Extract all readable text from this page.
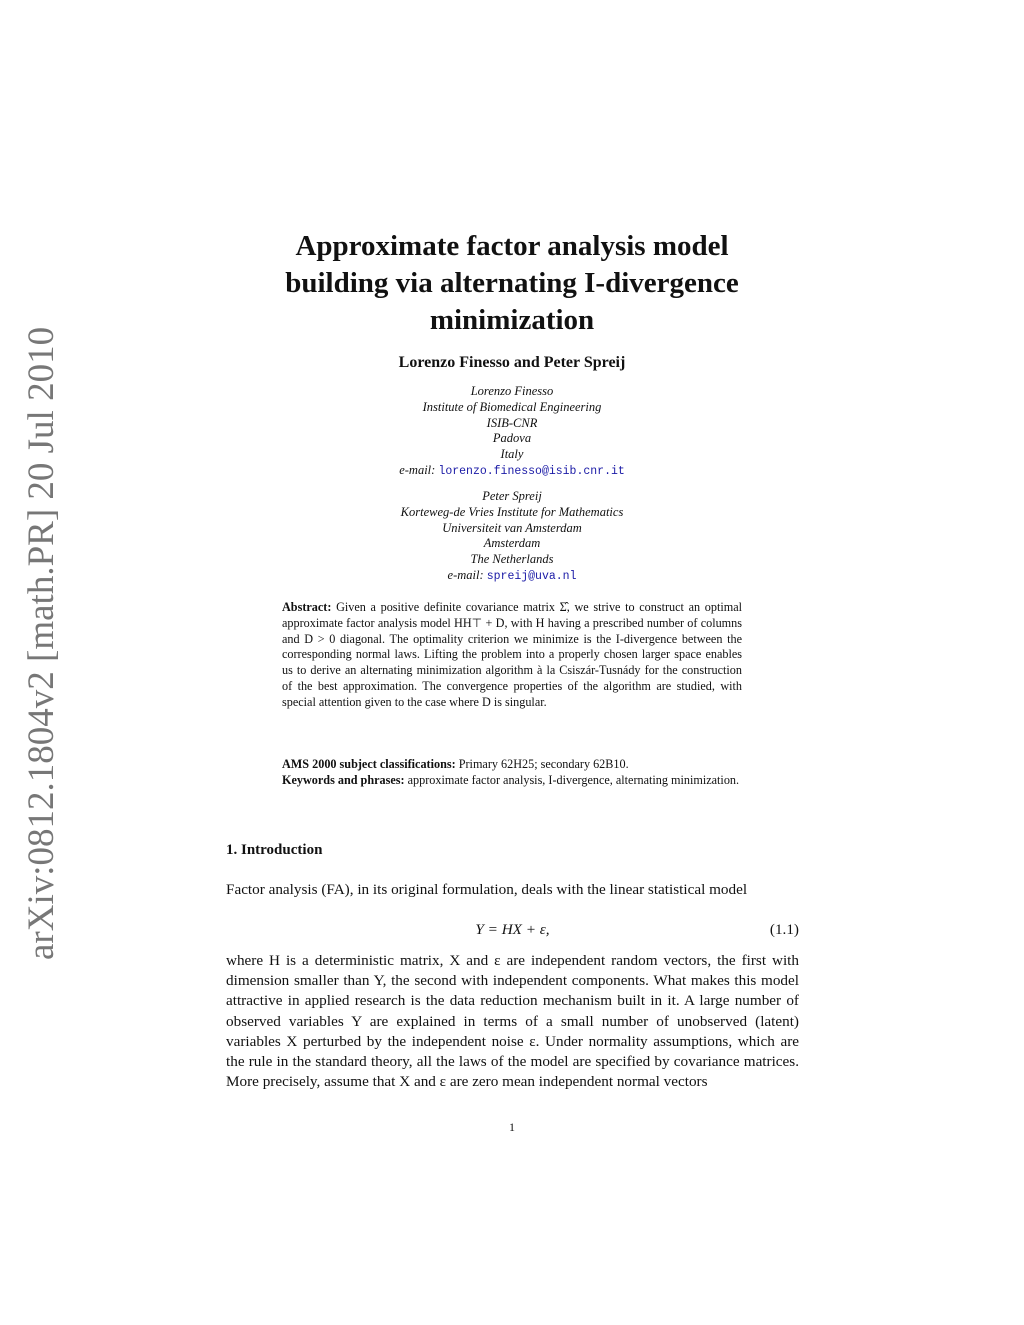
arXiv:0812.1804v2 [math.PR] 20 Jul 2010
Approximate factor analysis model
building via alternating I-divergence
minimization
Lorenzo Finesso and Peter Spreij
Lorenzo Finesso
Institute of Biomedical Engineering
ISIB-CNR
Padova
Italy
e-mail: lorenzo.finesso@isib.cnr.it
Peter Spreij
Korteweg-de Vries Institute for Mathematics
Universiteit van Amsterdam
Amsterdam
The Netherlands
e-mail: spreij@uva.nl
Abstract: Given a positive definite covariance matrix Σ̂, we strive to construct an optimal approximate factor analysis model HH⊤ + D, with H having a prescribed number of columns and D > 0 diagonal. The optimality criterion we minimize is the I-divergence between the corresponding normal laws. Lifting the problem into a properly chosen larger space enables us to derive an alternating minimization algorithm à la Csiszár-Tusnády for the construction of the best approximation. The convergence properties of the algorithm are studied, with special attention given to the case where D is singular.
AMS 2000 subject classifications: Primary 62H25; secondary 62B10.
Keywords and phrases: approximate factor analysis, I-divergence, alternating minimization.
1. Introduction
Factor analysis (FA), in its original formulation, deals with the linear statistical model
Y = HX + ε,	(1.1)
where H is a deterministic matrix, X and ε are independent random vectors, the first with dimension smaller than Y, the second with independent components. What makes this model attractive in applied research is the data reduction mechanism built in it. A large number of observed variables Y are explained in terms of a small number of unobserved (latent) variables X perturbed by the independent noise ε. Under normality assumptions, which are the rule in the standard theory, all the laws of the model are specified by covariance matrices. More precisely, assume that X and ε are zero mean independent normal vectors
1
